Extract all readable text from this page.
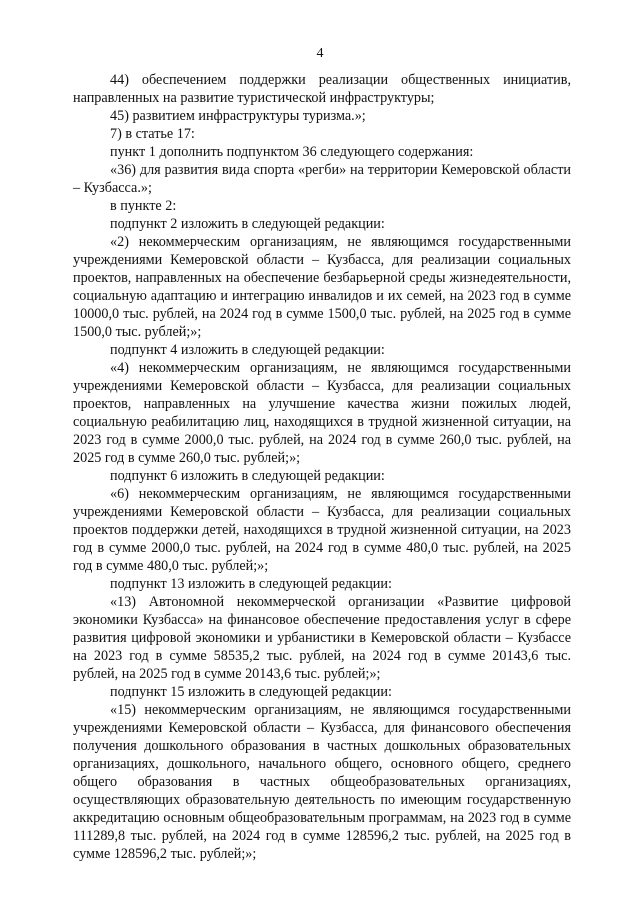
4

44) обеспечением поддержки реализации общественных инициатив, направленных на развитие туристической инфраструктуры;

45) развитием инфраструктуры туризма.»;

7) в статье 17:

пункт 1 дополнить подпунктом 36 следующего содержания:

«36) для развития вида спорта «регби» на территории Кемеровской области – Кузбасса.»;

в пункте 2:

подпункт 2 изложить в следующей редакции:

«2) некоммерческим организациям, не являющимся государственными учреждениями Кемеровской области – Кузбасса, для реализации социальных проектов, направленных на обеспечение безбарьерной среды жизнедеятельности, социальную адаптацию и интеграцию инвалидов и их семей, на 2023 год в сумме 10000,0 тыс. рублей, на 2024 год в сумме 1500,0 тыс. рублей, на 2025 год в сумме 1500,0 тыс. рублей;»;

подпункт 4 изложить в следующей редакции:

«4) некоммерческим организациям, не являющимся государственными учреждениями Кемеровской области – Кузбасса, для реализации социальных проектов, направленных на улучшение качества жизни пожилых людей, социальную реабилитацию лиц, находящихся в трудной жизненной ситуации, на 2023 год в сумме 2000,0 тыс. рублей, на 2024 год в сумме 260,0 тыс. рублей, на 2025 год в сумме 260,0 тыс. рублей;»;

подпункт 6 изложить в следующей редакции:

«6) некоммерческим организациям, не являющимся государственными учреждениями Кемеровской области – Кузбасса, для реализации социальных проектов поддержки детей, находящихся в трудной жизненной ситуации, на 2023 год в сумме 2000,0 тыс. рублей, на 2024 год в сумме 480,0 тыс. рублей, на 2025 год в сумме 480,0 тыс. рублей;»;

подпункт 13 изложить в следующей редакции:

«13) Автономной некоммерческой организации «Развитие цифровой экономики Кузбасса» на финансовое обеспечение предоставления услуг в сфере развития цифровой экономики и урбанистики в Кемеровской области – Кузбассе на 2023 год в сумме 58535,2 тыс. рублей, на 2024 год в сумме 20143,6 тыс. рублей, на 2025 год в сумме 20143,6 тыс. рублей;»;

подпункт 15 изложить в следующей редакции:

«15) некоммерческим организациям, не являющимся государственными учреждениями Кемеровской области – Кузбасса, для финансового обеспечения получения дошкольного образования в частных дошкольных образовательных организациях, дошкольного, начального общего, основного общего, среднего общего образования в частных общеобразовательных организациях, осуществляющих образовательную деятельность по имеющим государственную аккредитацию основным общеобразовательным программам, на 2023 год в сумме 111289,8 тыс. рублей, на 2024 год в сумме 128596,2 тыс. рублей, на 2025 год в сумме 128596,2 тыс. рублей;»;
